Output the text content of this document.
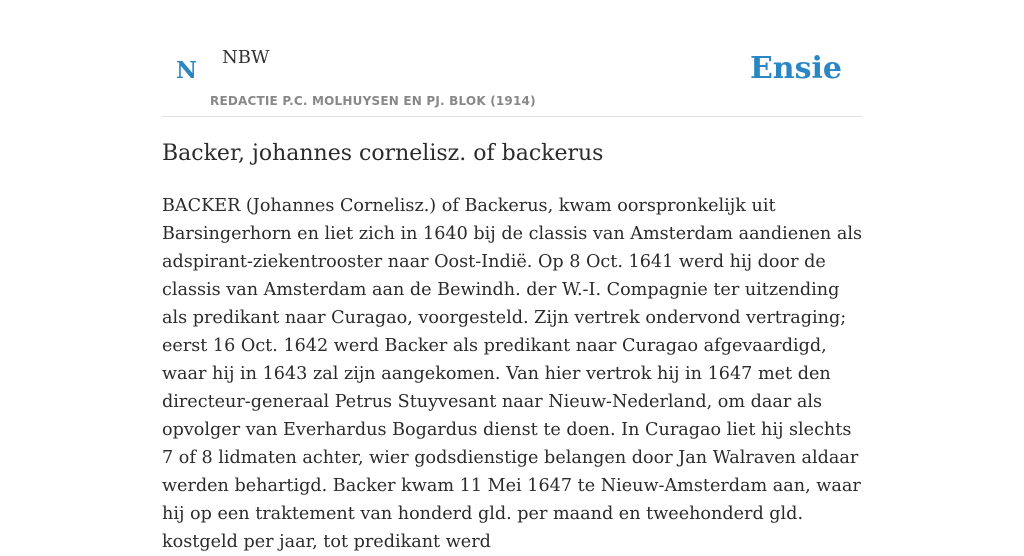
N NBW
REDACTIE P.C. MOLHUYSEN EN PJ. BLOK (1914)
Ensie
Backer, johannes cornelisz. of backerus

BACKER (Johannes Cornelisz.) of Backerus, kwam oorspronkelijk uit Barsingerhorn en liet zich in 1640 bij de classis van Amsterdam aandienen als adspirant-ziekentrooster naar Oost-Indië. Op 8 Oct. 1641 werd hij door de classis van Amsterdam aan de Bewindh. der W.-I. Compagnie ter uitzending als predikant naar Curagao, voorgesteld. Zijn vertrek ondervond vertraging; eerst 16 Oct. 1642 werd Backer als predikant naar Curagao afgevaardigd, waar hij in 1643 zal zijn aangekomen. Van hier vertrok hij in 1647 met den directeur-generaal Petrus Stuyvesant naar Nieuw-Nederland, om daar als opvolger van Everhardus Bogardus dienst te doen. In Curagao liet hij slechts 7 of 8 lidmaten achter, wier godsdienstige belangen door Jan Walraven aldaar werden behartigd. Backer kwam 11 Mei 1647 te Nieuw-Amsterdam aan, waar hij op een traktement van honderd gld. per maand en tweehonderd gld. kostgeld per jaar, tot predikant werd
